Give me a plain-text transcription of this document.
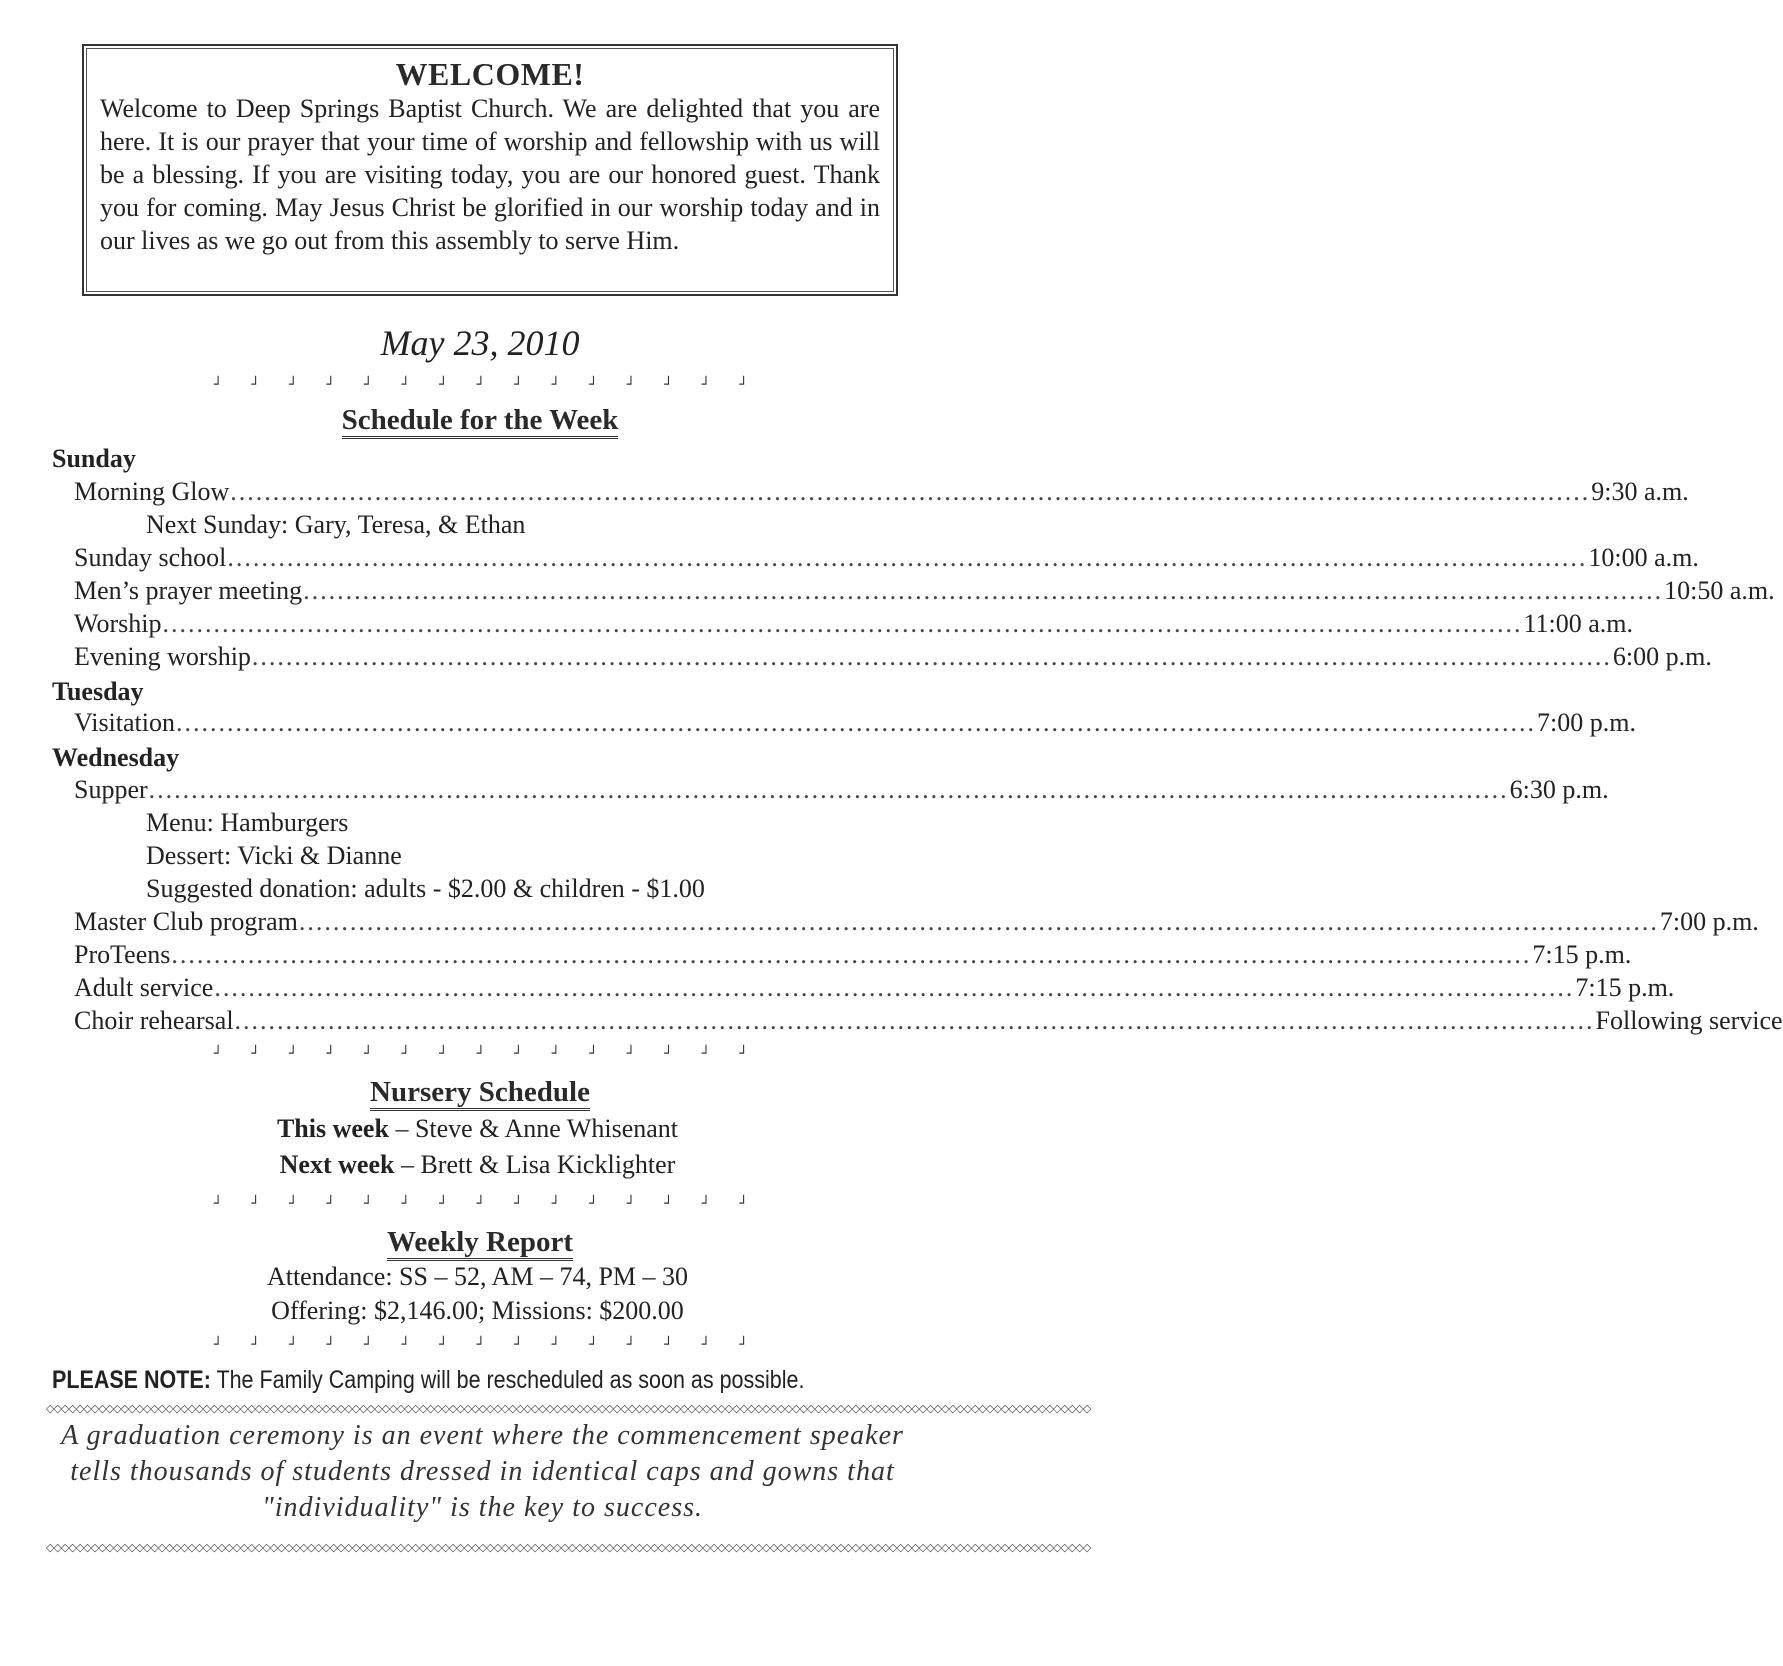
WELCOME!
Welcome to Deep Springs Baptist Church. We are delighted that you are here. It is our prayer that your time of worship and fellowship with us will be a blessing. If you are visiting today, you are our honored guest. Thank you for coming. May Jesus Christ be glorified in our worship today and in our lives as we go out from this assembly to serve Him.
May 23, 2010
┘ ┘ ┘ ┘ ┘ ┘ ┘ ┘ ┘ ┘ ┘ ┘ ┘ ┘ ┘
Schedule for the Week
Sunday
Morning Glow .....	9:30 a.m.
Next Sunday: Gary, Teresa, & Ethan
Sunday school .....	10:00 a.m.
Men’s prayer meeting .....	10:50 a.m.
Worship .....	11:00 a.m.
Evening worship .....	6:00 p.m.
Tuesday
Visitation .....	7:00 p.m.
Wednesday
Supper .....	6:30 p.m.
Menu: Hamburgers
Dessert: Vicki & Dianne
Suggested donation: adults - $2.00 & children - $1.00
Master Club program .....	7:00 p.m.
ProTeens .....	7:15 p.m.
Adult service .....	7:15 p.m.
Choir rehearsal .....	Following service
┘ ┘ ┘ ┘ ┘ ┘ ┘ ┘ ┘ ┘ ┘ ┘ ┘ ┘ ┘
Nursery Schedule
This week – Steve & Anne Whisenant
Next week – Brett & Lisa Kicklighter
┘ ┘ ┘ ┘ ┘ ┘ ┘ ┘ ┘ ┘ ┘ ┘ ┘ ┘ ┘
Weekly Report
Attendance: SS – 52, AM – 74, PM – 30
Offering: $2,146.00; Missions: $200.00
┘ ┘ ┘ ┘ ┘ ┘ ┘ ┘ ┘ ┘ ┘ ┘ ┘ ┘ ┘
PLEASE NOTE: The Family Camping will be rescheduled as soon as possible.
◇◇◇◇◇◇◇◇◇◇◇◇◇◇◇◇◇◇◇◇◇◇◇◇◇◇◇◇◇◇◇◇◇◇◇◇◇◇◇◇◇◇◇◇◇◇◇◇◇◇◇◇◇◇◇◇◇◇◇◇◇◇◇◇◇◇◇◇◇◇◇◇◇◇◇◇◇◇◇◇◇◇◇◇◇◇◇◇◇◇◇◇◇◇◇◇◇◇◇◇◇◇◇◇◇◇◇◇◇◇◇◇◇◇◇◇◇◇◇◇◇◇◇◇◇◇◇◇◇◇◇◇◇◇◇◇◇◇◇◇
A graduation ceremony is an event where the commencement speaker tells thousands of students dressed in identical caps and gowns that "individuality" is the key to success.
◇◇◇◇◇◇◇◇◇◇◇◇◇◇◇◇◇◇◇◇◇◇◇◇◇◇◇◇◇◇◇◇◇◇◇◇◇◇◇◇◇◇◇◇◇◇◇◇◇◇◇◇◇◇◇◇◇◇◇◇◇◇◇◇◇◇◇◇◇◇◇◇◇◇◇◇◇◇◇◇◇◇◇◇◇◇◇◇◇◇◇◇◇◇◇◇◇◇◇◇◇◇◇◇◇◇◇◇◇◇◇◇◇◇◇◇◇◇◇◇◇◇◇◇◇◇◇◇◇◇◇◇◇◇◇◇◇◇◇◇
